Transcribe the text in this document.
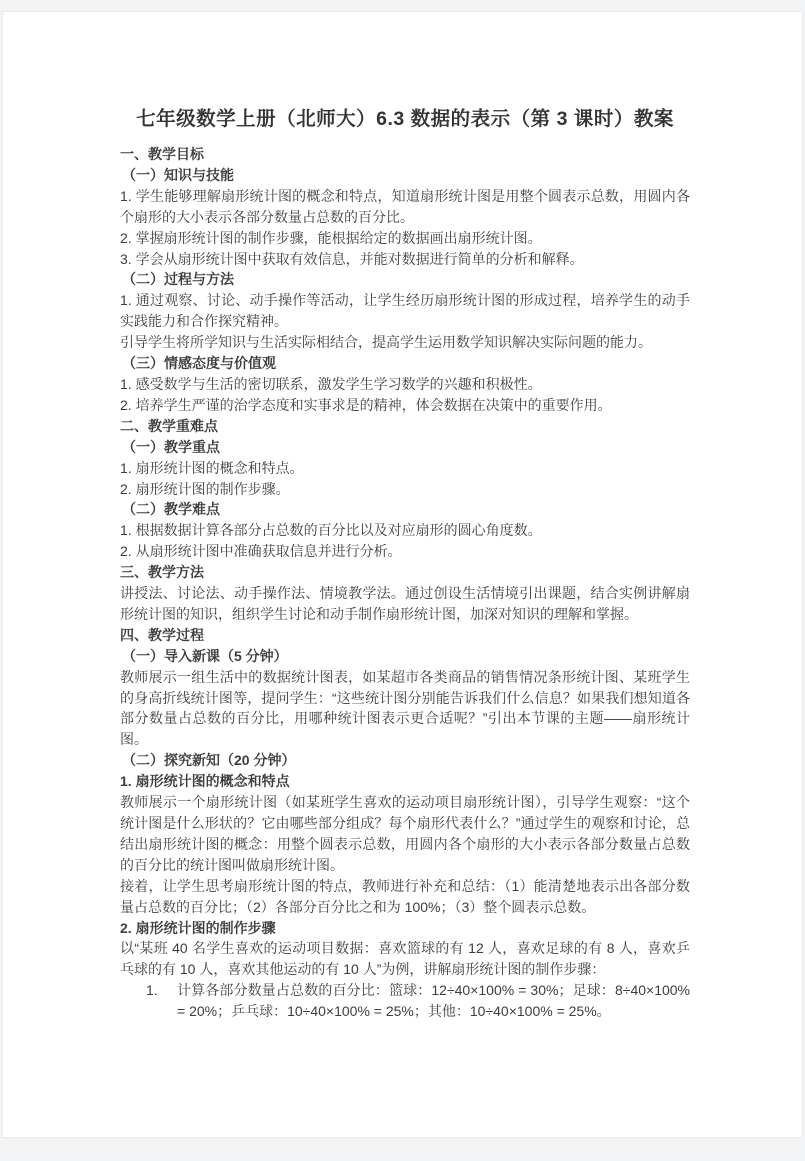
七年级数学上册（北师大）6.3 数据的表示（第 3 课时）教案
一、教学目标
（一）知识与技能
1. 学生能够理解扇形统计图的概念和特点，知道扇形统计图是用整个圆表示总数，用圆内各个扇形的大小表示各部分数量占总数的百分比。
2. 掌握扇形统计图的制作步骤，能根据给定的数据画出扇形统计图。
3. 学会从扇形统计图中获取有效信息，并能对数据进行简单的分析和解释。
（二）过程与方法
1. 通过观察、讨论、动手操作等活动，让学生经历扇形统计图的形成过程，培养学生的动手实践能力和合作探究精神。
引导学生将所学知识与生活实际相结合，提高学生运用数学知识解决实际问题的能力。
（三）情感态度与价值观
1. 感受数学与生活的密切联系，激发学生学习数学的兴趣和积极性。
2. 培养学生严谨的治学态度和实事求是的精神，体会数据在决策中的重要作用。
二、教学重难点
（一）教学重点
1. 扇形统计图的概念和特点。
2. 扇形统计图的制作步骤。
（二）教学难点
1. 根据数据计算各部分占总数的百分比以及对应扇形的圆心角度数。
2. 从扇形统计图中准确获取信息并进行分析。
三、教学方法
讲授法、讨论法、动手操作法、情境教学法。通过创设生活情境引出课题，结合实例讲解扇形统计图的知识，组织学生讨论和动手制作扇形统计图，加深对知识的理解和掌握。
四、教学过程
（一）导入新课（5 分钟）
教师展示一组生活中的数据统计图表，如某超市各类商品的销售情况条形统计图、某班学生的身高折线统计图等，提问学生：“这些统计图分别能告诉我们什么信息？如果我们想知道各部分数量占总数的百分比，用哪种统计图表示更合适呢？”引出本节课的主题——扇形统计图。
（二）探究新知（20 分钟）
1. 扇形统计图的概念和特点
教师展示一个扇形统计图（如某班学生喜欢的运动项目扇形统计图），引导学生观察：“这个统计图是什么形状的？它由哪些部分组成？每个扇形代表什么？”通过学生的观察和讨论，总结出扇形统计图的概念：用整个圆表示总数，用圆内各个扇形的大小表示各部分数量占总数的百分比的统计图叫做扇形统计图。
接着，让学生思考扇形统计图的特点，教师进行补充和总结：（1）能清楚地表示出各部分数量占总数的百分比；（2）各部分百分比之和为 100%；（3）整个圆表示总数。
2. 扇形统计图的制作步骤
以“某班 40 名学生喜欢的运动项目数据：喜欢篮球的有 12 人，喜欢足球的有 8 人，喜欢乒乓球的有 10 人，喜欢其他运动的有 10 人”为例，讲解扇形统计图的制作步骤：
1.	计算各部分数量占总数的百分比：篮球：12÷40×100% = 30%；足球：8÷40×100% = 20%；乒乓球：10÷40×100% = 25%；其他：10÷40×100% = 25%。
